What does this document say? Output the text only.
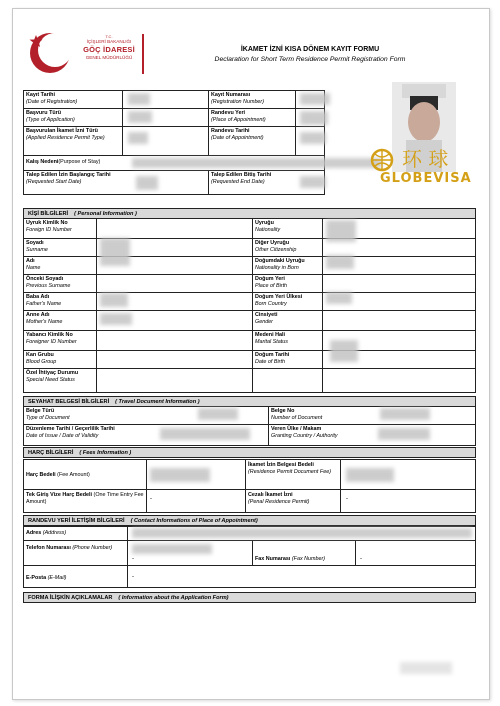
T.C.
İÇİŞLERİ BAKANLIĞI
GÖÇ İDARESİ
GENEL MÜDÜRLÜĞÜ
İKAMET İZNİ KISA DÖNEM KAYIT FORMU
Declaration for Short Term Residence Permit Registration Form
Kayıt Tarihi
(Date of Registration)
Kayıt Numarası
(Registration Number)
Başvuru Türü
(Type of Application)
Randevu Yeri
(Place of Appointment)
Başvurulan İkamet İzni Türü
(Applied Residence Permit Type)
Randevu Tarihi
(Date of Appointment)
Kalış Nedeni(Purpose of Stay)
Talep Edilen İzin Başlangıç Tarihi
(Requested Start Date)
Talep Edilen Bitiş Tarihi
(Requested End Date)
环 球
GLOBEVISA
KİŞİ BİLGİLERİ ( Personal Information )
Uyruk Kimlik No
Foreign ID Number
Soyadı
Surname
Adı
Name
Önceki Soyadı
Previous Surname
Baba Adı
Father's Name
Anne Adı
Mother's Name
Yabancı Kimlik No
Foreigner ID Number
Kan Grubu
Blood Group
Özel İhtiyaç Durumu
Special Need Status
Uyruğu
Nationality
Diğer Uyruğu
Other Citizenship
Doğumdaki Uyruğu
Nationality in Born
Doğum Yeri
Place of Birth
Doğum Yeri Ülkesi
Born Country
Cinsiyeti
Gender
Medeni Hali
Marital Status
Doğum Tarihi
Date of Birth
SEYAHAT BELGESİ BİLGİLERİ ( Travel Document Information )
Belge Türü
Type of Document
Belge No
Number of Document
Düzenleme Tarihi / Geçerlilik Tarihi
Date of Issue / Date of Validity
Veren Ülke / Makam
Granting Country / Authority
HARÇ BİLGİLERİ ( Fees Information )
Harç Bedeli (Fee Amount)
İkamet İzin Belgesi Bedeli
(Residence Permit Document Fee)
Tek Giriş Vize Harç Bedeli (One Time Entry Fee Amount)
Cezalı İkamet İzni
(Penal Residence Permit)
-	-
RANDEVU YERİ İLETİŞİM BİLGİLERİ ( Contact Informations of Place of Appointment)
Adres (Address)
Telefon Numarası (Phone Number)
Fax Numarası (Fax Number)
E-Posta (E-Mail)
-	-
-
FORMA İLİŞKİN AÇIKLAMALAR ( Information about the Application Form)
